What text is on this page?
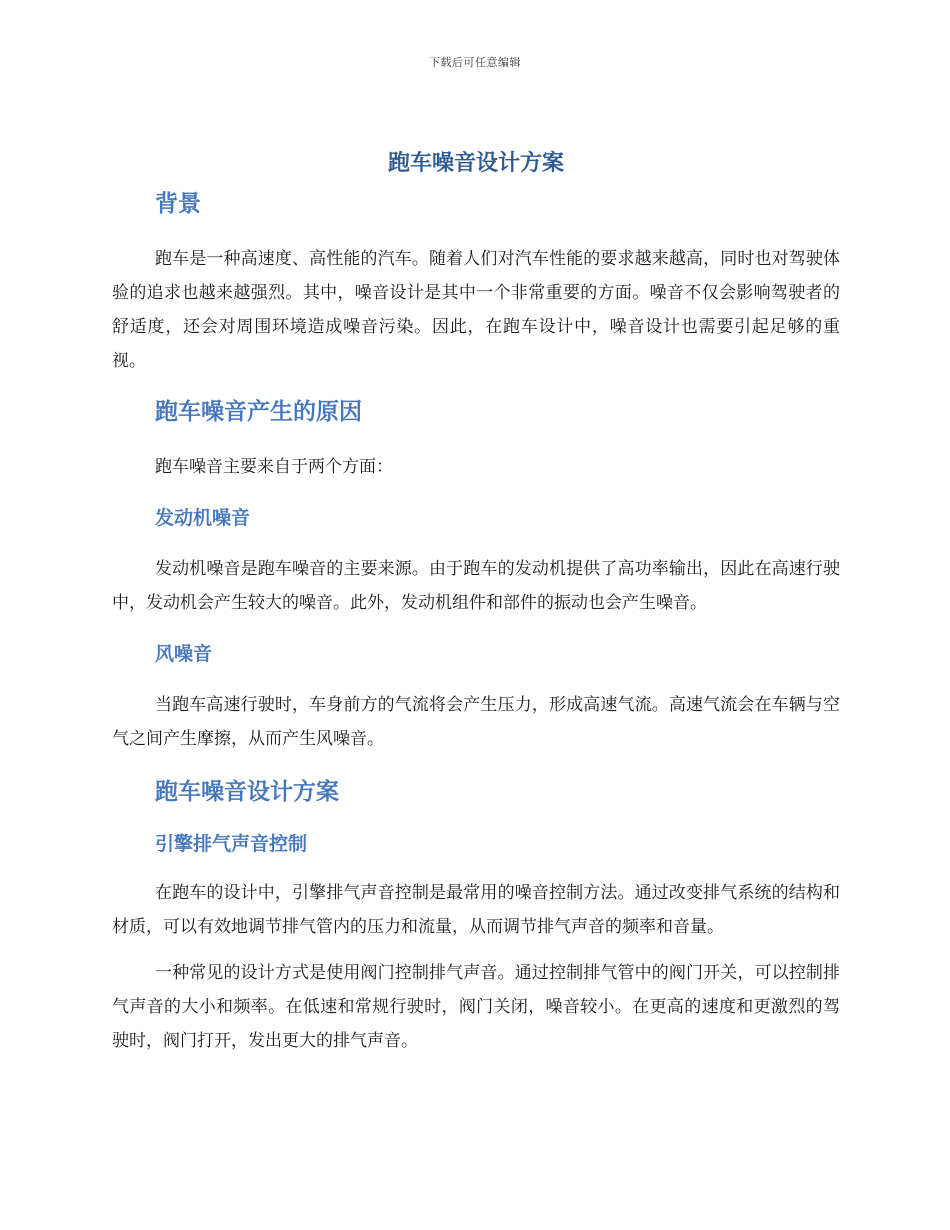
下载后可任意编辑
跑车噪音设计方案
背景

跑车是一种高速度、高性能的汽车。随着人们对汽车性能的要求越来越高，同时也对驾驶体验的追求也越来越强烈。其中，噪音设计是其中一个非常重要的方面。噪音不仅会影响驾驶者的舒适度，还会对周围环境造成噪音污染。因此，在跑车设计中，噪音设计也需要引起足够的重视。

跑车噪音产生的原因

跑车噪音主要来自于两个方面：

发动机噪音

发动机噪音是跑车噪音的主要来源。由于跑车的发动机提供了高功率输出，因此在高速行驶中，发动机会产生较大的噪音。此外，发动机组件和部件的振动也会产生噪音。

风噪音

当跑车高速行驶时，车身前方的气流将会产生压力，形成高速气流。高速气流会在车辆与空气之间产生摩擦，从而产生风噪音。

跑车噪音设计方案
引擎排气声音控制

在跑车的设计中，引擎排气声音控制是最常用的噪音控制方法。通过改变排气系统的结构和材质，可以有效地调节排气管内的压力和流量，从而调节排气声音的频率和音量。

一种常见的设计方式是使用阀门控制排气声音。通过控制排气管中的阀门开关，可以控制排气声音的大小和频率。在低速和常规行驶时，阀门关闭，噪音较小。在更高的速度和更激烈的驾驶时，阀门打开，发出更大的排气声音。
